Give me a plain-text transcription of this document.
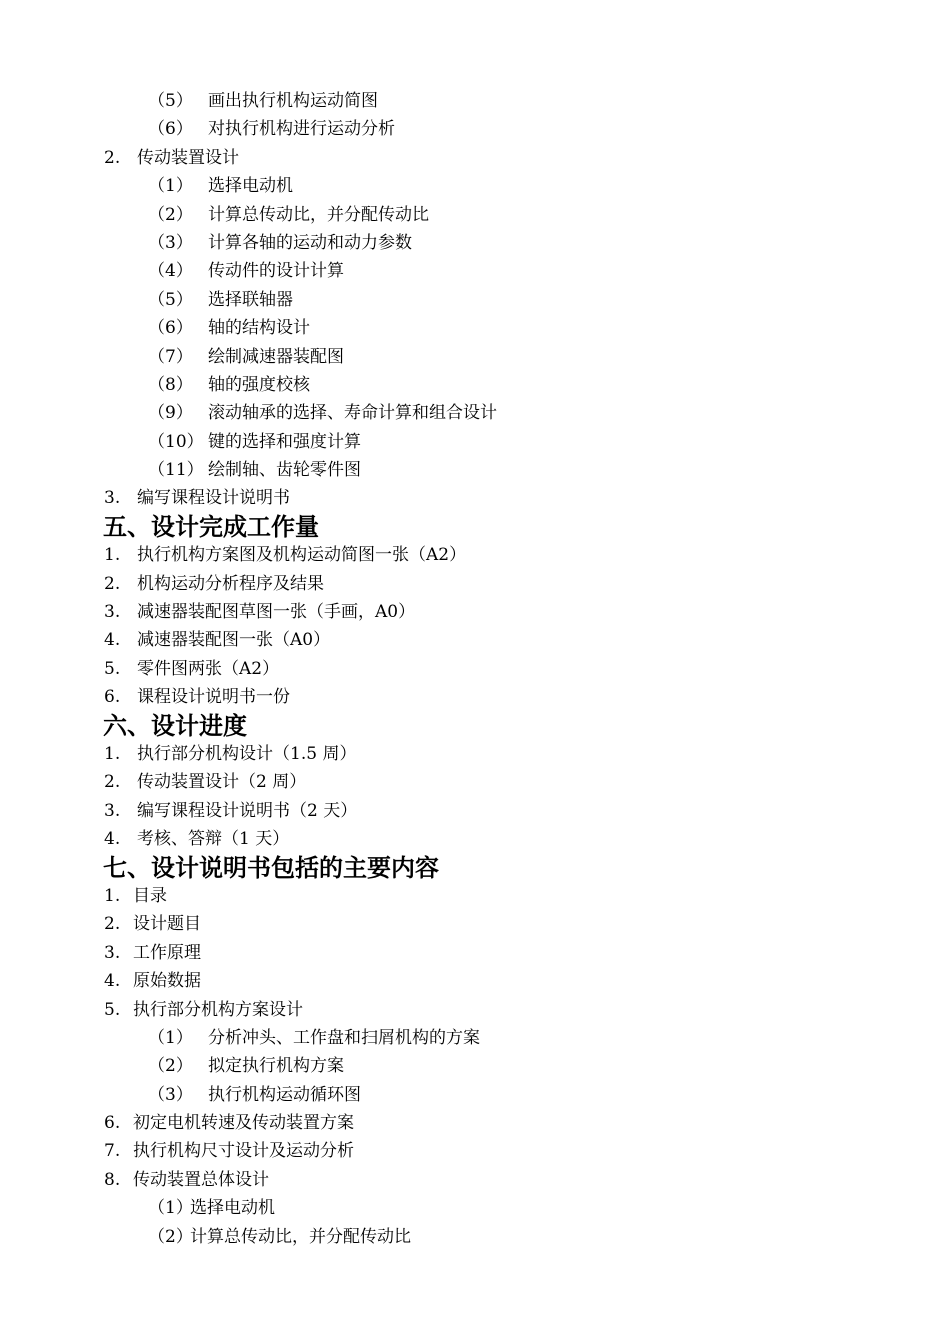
（5） 画出执行机构运动简图
（6） 对执行机构进行运动分析
2. 传动装置设计
（1） 选择电动机
（2） 计算总传动比，并分配传动比
（3） 计算各轴的运动和动力参数
（4） 传动件的设计计算
（5） 选择联轴器
（6） 轴的结构设计
（7） 绘制减速器装配图
（8） 轴的强度校核
（9） 滚动轴承的选择、寿命计算和组合设计
（10） 键的选择和强度计算
（11） 绘制轴、齿轮零件图
3. 编写课程设计说明书
五、设计完成工作量
1. 执行机构方案图及机构运动简图一张（A2）
2. 机构运动分析程序及结果
3. 减速器装配图草图一张（手画，A0）
4. 减速器装配图一张（A0）
5. 零件图两张（A2）
6. 课程设计说明书一份
六、设计进度
1. 执行部分机构设计（1.5 周）
2. 传动装置设计（2 周）
3. 编写课程设计说明书（2 天）
4. 考核、答辩（1 天）
七、设计说明书包括的主要内容
1. 目录
2. 设计题目
3. 工作原理
4. 原始数据
5. 执行部分机构方案设计
（1） 分析冲头、工作盘和扫屑机构的方案
（2） 拟定执行机构方案
（3） 执行机构运动循环图
6. 初定电机转速及传动装置方案
7. 执行机构尺寸设计及运动分析
8. 传动装置总体设计
（1）
选择电动机
（2）
计算总传动比，并分配传动比
